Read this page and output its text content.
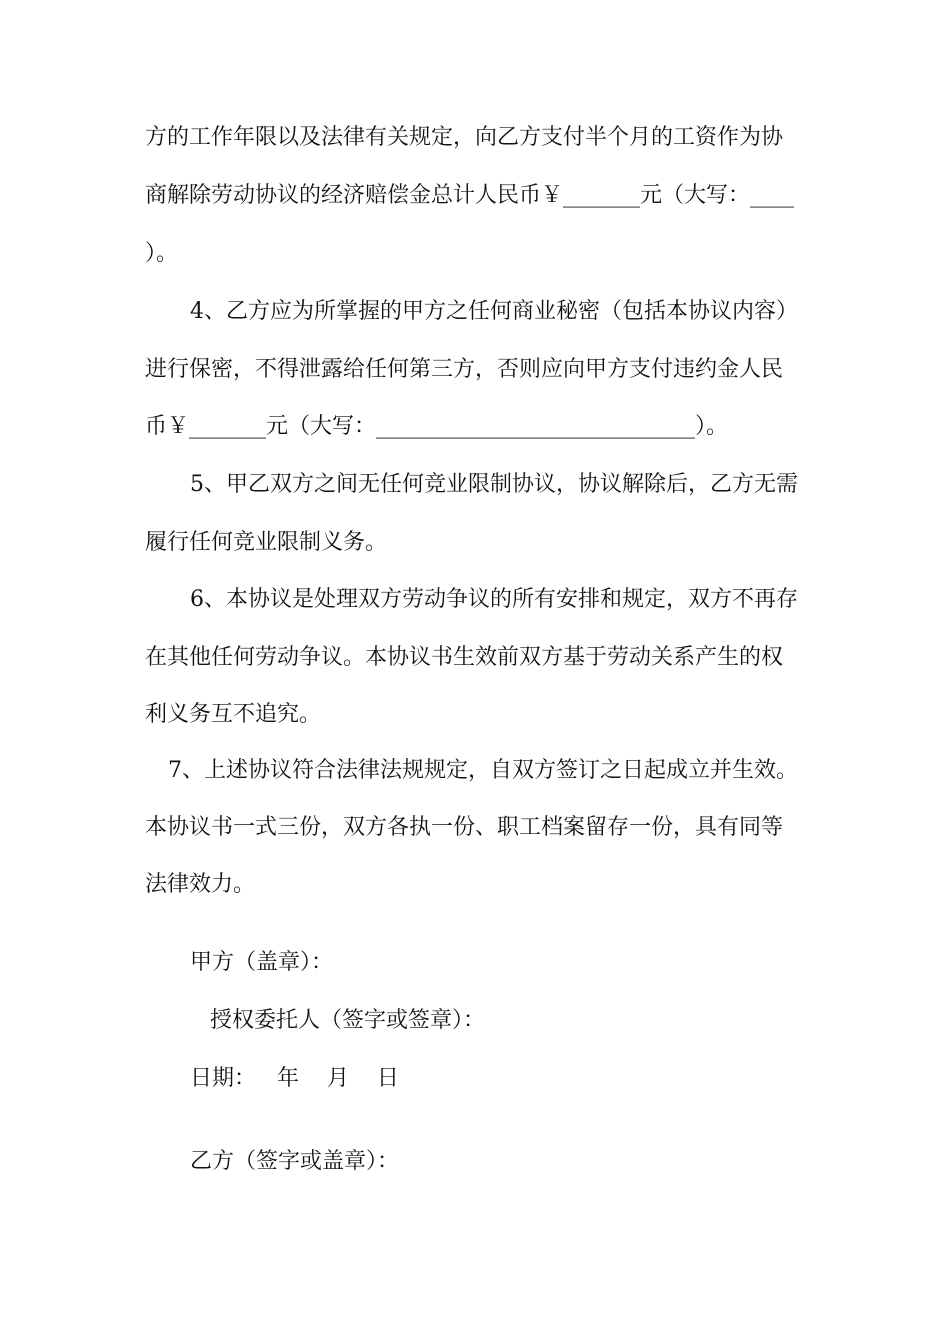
方的工作年限以及法律有关规定，向乙方支付半个月的工资作为协
商解除劳动协议的经济赔偿金总计人民币￥_______元（大写：____
）。
4、乙方应为所掌握的甲方之任何商业秘密（包括本协议内容）
进行保密，不得泄露给任何第三方，否则应向甲方支付违约金人民
币￥_______元（大写：_____________________________）。
5、甲乙双方之间无任何竞业限制协议，协议解除后，乙方无需
履行任何竞业限制义务。
6、本协议是处理双方劳动争议的所有安排和规定，双方不再存
在其他任何劳动争议。本协议书生效前双方基于劳动关系产生的权
利义务互不追究。
7、上述协议符合法律法规规定，自双方签订之日起成立并生效。
本协议书一式三份，双方各执一份、职工档案留存一份，具有同等
法律效力。
甲方（盖章）：
授权委托人（签字或签章）：
日期：   年    月    日
乙方（签字或盖章）：
